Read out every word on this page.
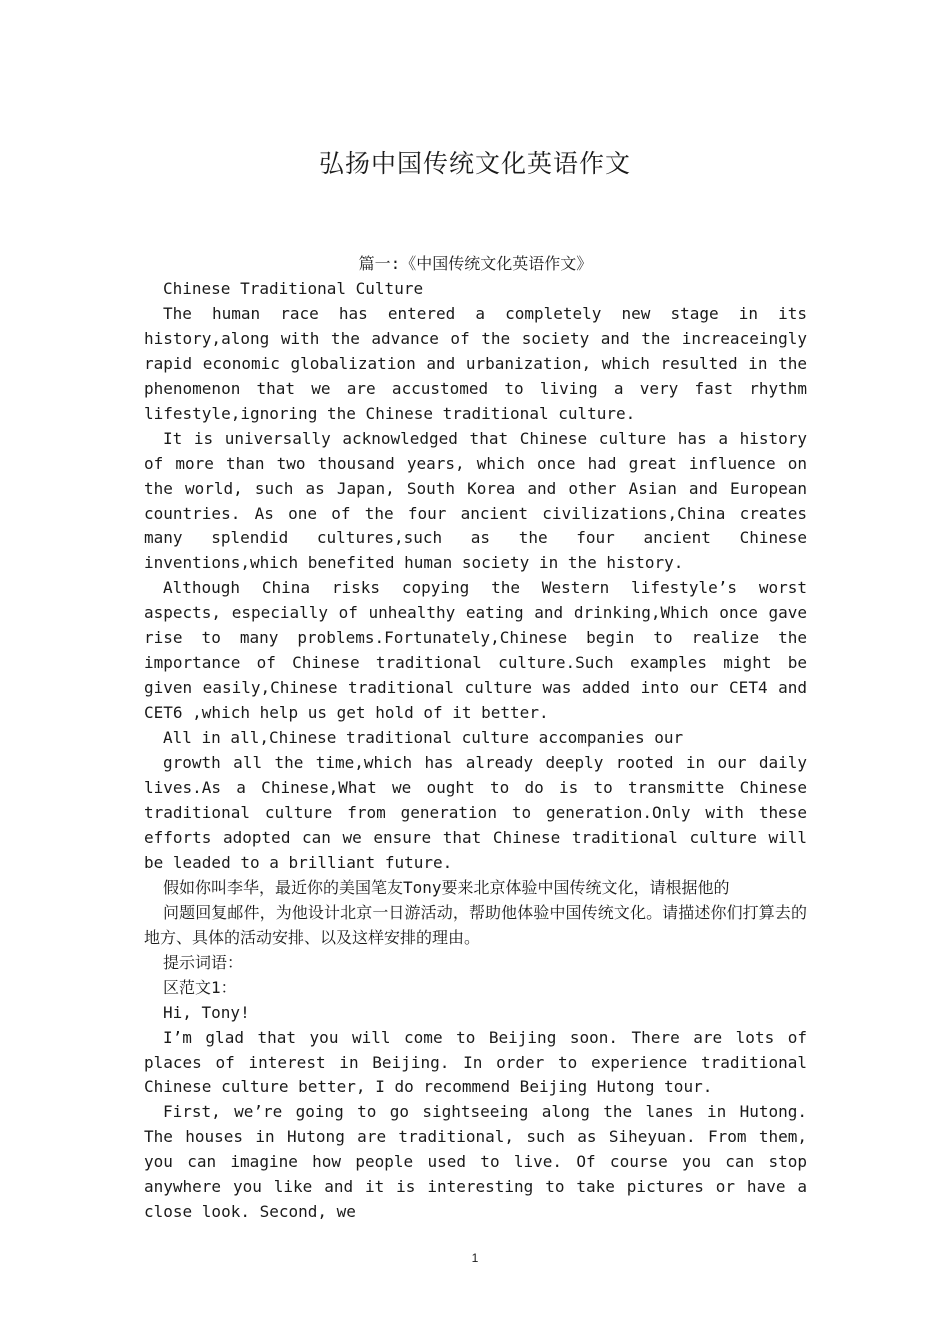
弘扬中国传统文化英语作文

篇一:《中国传统文化英语作文》

Chinese Traditional Culture

The human race has entered a completely new stage in its history,along with the advance of the society and the increaceingly rapid economic globalization and urbanization, which resulted in the phenomenon that we are accustomed to living a very fast rhythm lifestyle,ignoring the Chinese traditional culture.

It is universally acknowledged that Chinese culture has a history of more than two thousand years, which once had great influence on the world, such as Japan, South Korea and other Asian and European countries. As one of the four ancient civilizations,China creates many splendid cultures,such as the four ancient Chinese inventions,which benefited human society in the history.

Although China risks copying the Western lifestyle’s worst aspects, especially of unhealthy eating and drinking,Which once gave rise to many problems.Fortunately,Chinese begin to realize the importance of Chinese traditional culture.Such examples might be given easily,Chinese traditional culture was added into our CET4 and CET6 ,which help us get hold of it better.

All in all,Chinese traditional culture accompanies our

growth all the time,which has already deeply rooted in our daily lives.As a Chinese,What we ought to do is to transmitte Chinese traditional culture from generation to generation.Only with these efforts adopted can we ensure that Chinese traditional culture will be leaded to a brilliant future.

假如你叫李华，最近你的美国笔友Tony要来北京体验中国传统文化，请根据他的

问题回复邮件，为他设计北京一日游活动，帮助他体验中国传统文化。请描述你们打算去的地方、具体的活动安排、以及这样安排的理由。

提示词语：

区范文1：

Hi, Tony!

I’m glad that you will come to Beijing soon. There are lots of places of interest in Beijing. In order to experience traditional Chinese culture better, I do recommend Beijing Hutong tour.

First, we’re going to go sightseeing along the lanes in Hutong. The houses in Hutong are traditional, such as Siheyuan. From them, you can imagine how people used to live. Of course you can stop anywhere you like and it is interesting to take pictures or have a close look. Second, we

1
